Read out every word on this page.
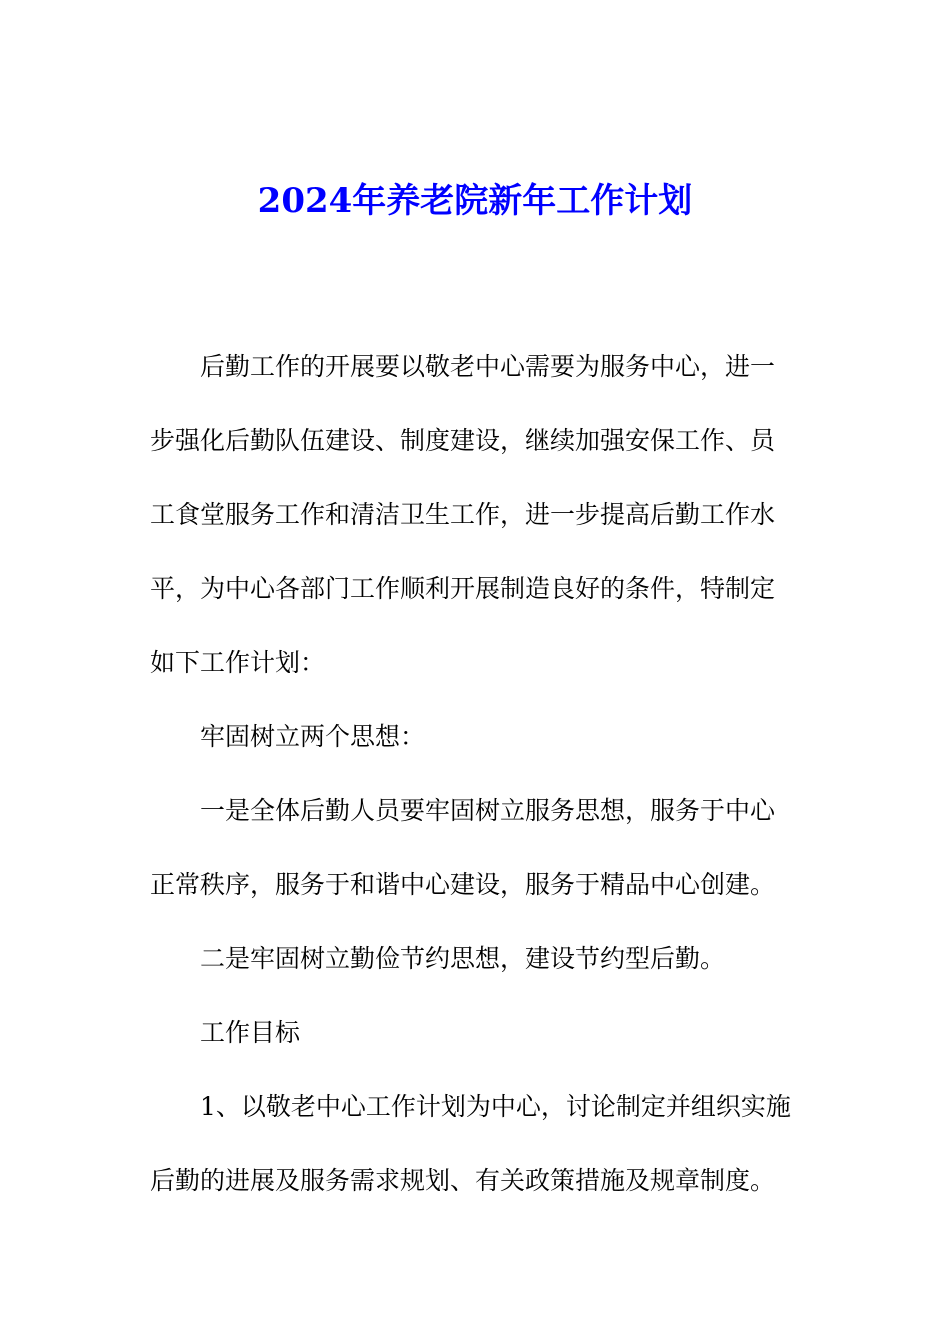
2024年养老院新年工作计划
后勤工作的开展要以敬老中心需要为服务中心，进一
步强化后勤队伍建设、制度建设，继续加强安保工作、员
工食堂服务工作和清洁卫生工作，进一步提高后勤工作水
平，为中心各部门工作顺利开展制造良好的条件，特制定
如下工作计划：
牢固树立两个思想：
一是全体后勤人员要牢固树立服务思想，服务于中心
正常秩序，服务于和谐中心建设，服务于精品中心创建。
二是牢固树立勤俭节约思想，建设节约型后勤。
工作目标
1、以敬老中心工作计划为中心，讨论制定并组织实施
后勤的进展及服务需求规划、有关政策措施及规章制度。
